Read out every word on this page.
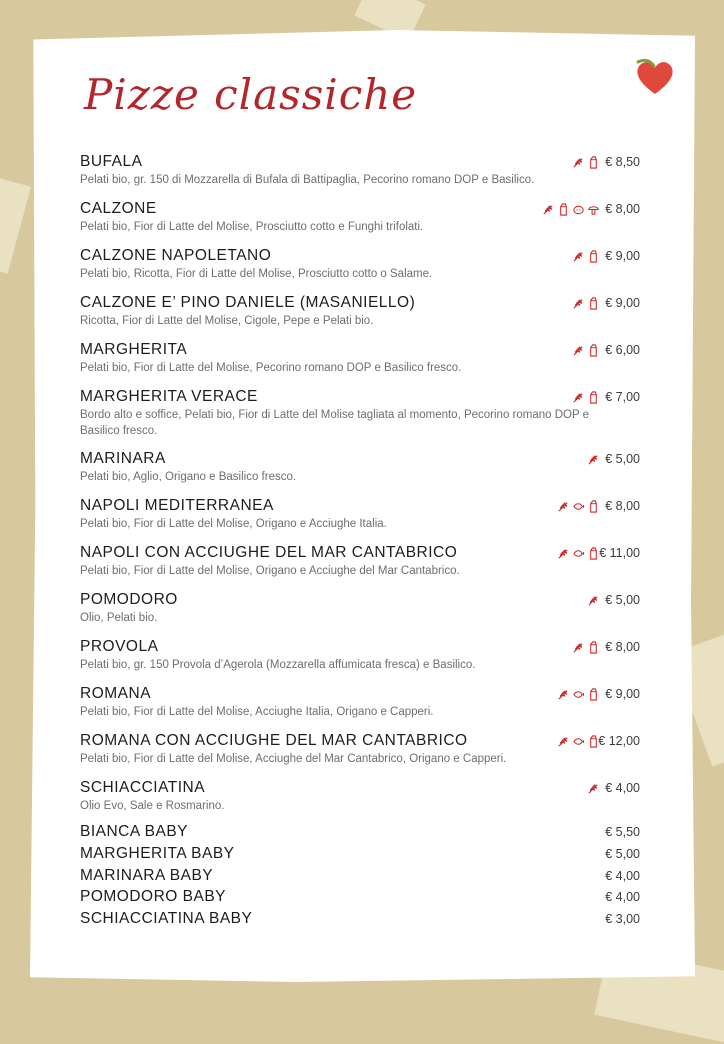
Pizze classiche
BUFALA
Pelati bio, gr. 150 di Mozzarella di Bufala di Battipaglia, Pecorino romano DOP e Basilico.
€ 8,50
CALZONE
Pelati bio, Fior di Latte del Molise, Prosciutto cotto e Funghi trifolati.
€ 8,00
CALZONE NAPOLETANO
Pelati bio, Ricotta, Fior di Latte del Molise, Prosciutto cotto o Salame.
€ 9,00
CALZONE E’ PINO DANIELE (MASANIELLO)
Ricotta, Fior di Latte del Molise, Cigole, Pepe e Pelati bio.
€ 9,00
MARGHERITA
Pelati bio, Fior di Latte del Molise, Pecorino romano DOP e Basilico fresco.
€ 6,00
MARGHERITA VERACE
Bordo alto e soffice, Pelati bio, Fior di Latte del Molise tagliata al momento, Pecorino romano DOP e Basilico fresco.
€ 7,00
MARINARA
Pelati bio, Aglio, Origano e Basilico fresco.
€ 5,00
NAPOLI MEDITERRANEA
Pelati bio, Fior di Latte del Molise, Origano e Acciughe Italia.
€ 8,00
NAPOLI CON ACCIUGHE DEL MAR CANTABRICO
Pelati bio, Fior di Latte del Molise, Origano e Acciughe del Mar Cantabrico.
€ 11,00
POMODORO
Olio, Pelati bio.
€ 5,00
PROVOLA
Pelati bio, gr. 150 Provola d’Agerola (Mozzarella affumicata fresca) e Basilico.
€ 8,00
ROMANA
Pelati bio, Fior di Latte del Molise, Acciughe Italia, Origano e Capperi.
€ 9,00
ROMANA CON ACCIUGHE DEL MAR CANTABRICO
Pelati bio, Fior di Latte del Molise, Acciughe del Mar Cantabrico, Origano e Capperi.
€ 12,00
SCHIACCIATINA
Olio Evo, Sale e Rosmarino.
€ 4,00
BIANCA BABY	€ 5,50
MARGHERITA BABY	€ 5,00
MARINARA BABY	€ 4,00
POMODORO BABY	€ 4,00
SCHIACCIATINA BABY	€ 3,00
